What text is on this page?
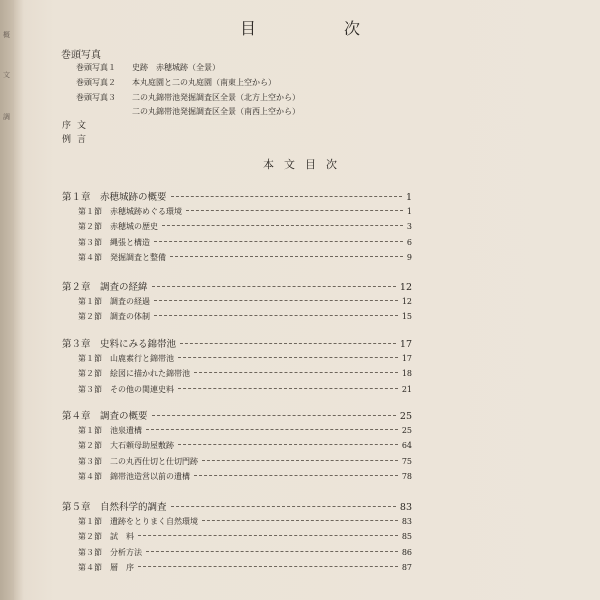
概
文
調
目　次
巻頭写真
巻頭写真１ 史跡　赤穂城跡（全景）
巻頭写真２ 本丸庭園と二の丸庭園（南東上空から）
巻頭写真３ 二の丸錦帯池発掘調査区全景（北方上空から）
二の丸錦帯池発掘調査区全景（南西上空から）
序文
例言
本文目次
第１章 赤穂城跡の概要	1
第１節 赤穂城跡めぐる環境	1
第２節 赤穂城の歴史	3
第３節 縄張と構造	6
第４節 発掘調査と整備	9
第２章 調査の経緯	12
第１節 調査の経過	12
第２節 調査の体制	15
第３章 史料にみる錦帯池	17
第１節 山鹿素行と錦帯池	17
第２節 絵図に描かれた錦帯池	18
第３節 その他の関連史料	21
第４章 調査の概要	25
第１節 池泉遺構	25
第２節 大石頼母助屋敷跡	64
第３節 二の丸西仕切と仕切門跡	75
第４節 錦帯池造営以前の遺構	78
第５章 自然科学的調査	83
第１節 遺跡をとりまく自然環境	83
第２節 試　料	85
第３節 分析方法	86
第４節 層　序	87
